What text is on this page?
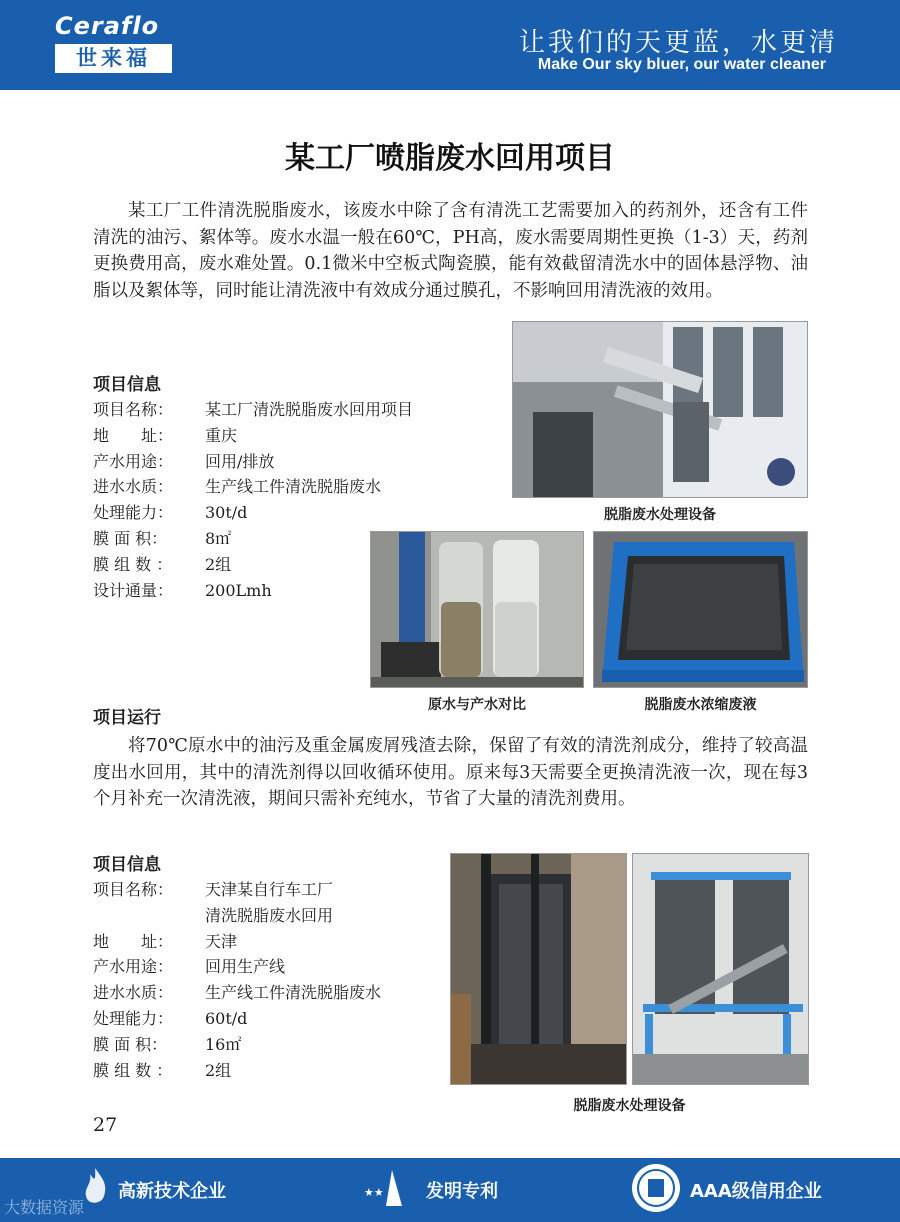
Ceraflo
世来福	让我们的天更蓝，水更清
Make Our sky bluer, our water cleaner
某工厂喷脂废水回用项目
某工厂工件清洗脱脂废水，该废水中除了含有清洗工艺需要加入的药剂外，还含有工件清洗的油污、絮体等。废水水温一般在60℃，PH高，废水需要周期性更换（1-3）天，药剂更换费用高，废水难处置。0.1微米中空板式陶瓷膜，能有效截留清洗水中的固体悬浮物、油脂以及絮体等，同时能让清洗液中有效成分通过膜孔，不影响回用清洗液的效用。
项目信息
项目名称：	某工厂清洗脱脂废水回用项目
地　　址：	重庆
产水用途：	回用/排放
进水水质：	生产线工件清洗脱脂废水
处理能力：	30t/d
膜 面 积：	8㎡
膜 组 数 ：	2组
设计通量：	200Lmh
脱脂废水处理设备
原水与产水对比	脱脂废水浓缩废液
项目运行
将70℃原水中的油污及重金属废屑残渣去除，保留了有效的清洗剂成分，维持了较高温度出水回用，其中的清洗剂得以回收循环使用。原来每3天需要全更换清洗液一次，现在每3个月补充一次清洗液，期间只需补充纯水，节省了大量的清洗剂费用。
项目信息
项目名称：	天津某自行车工厂
清洗脱脂废水回用
地　　址：	天津
产水用途：	回用生产线
进水水质：	生产线工件清洗脱脂废水
处理能力：	60t/d
膜 面 积：	16㎡
膜 组 数 ：	2组
脱脂废水处理设备
27
高新技术企业	★★ 发明专利	AAA级信用企业
大数据资源
